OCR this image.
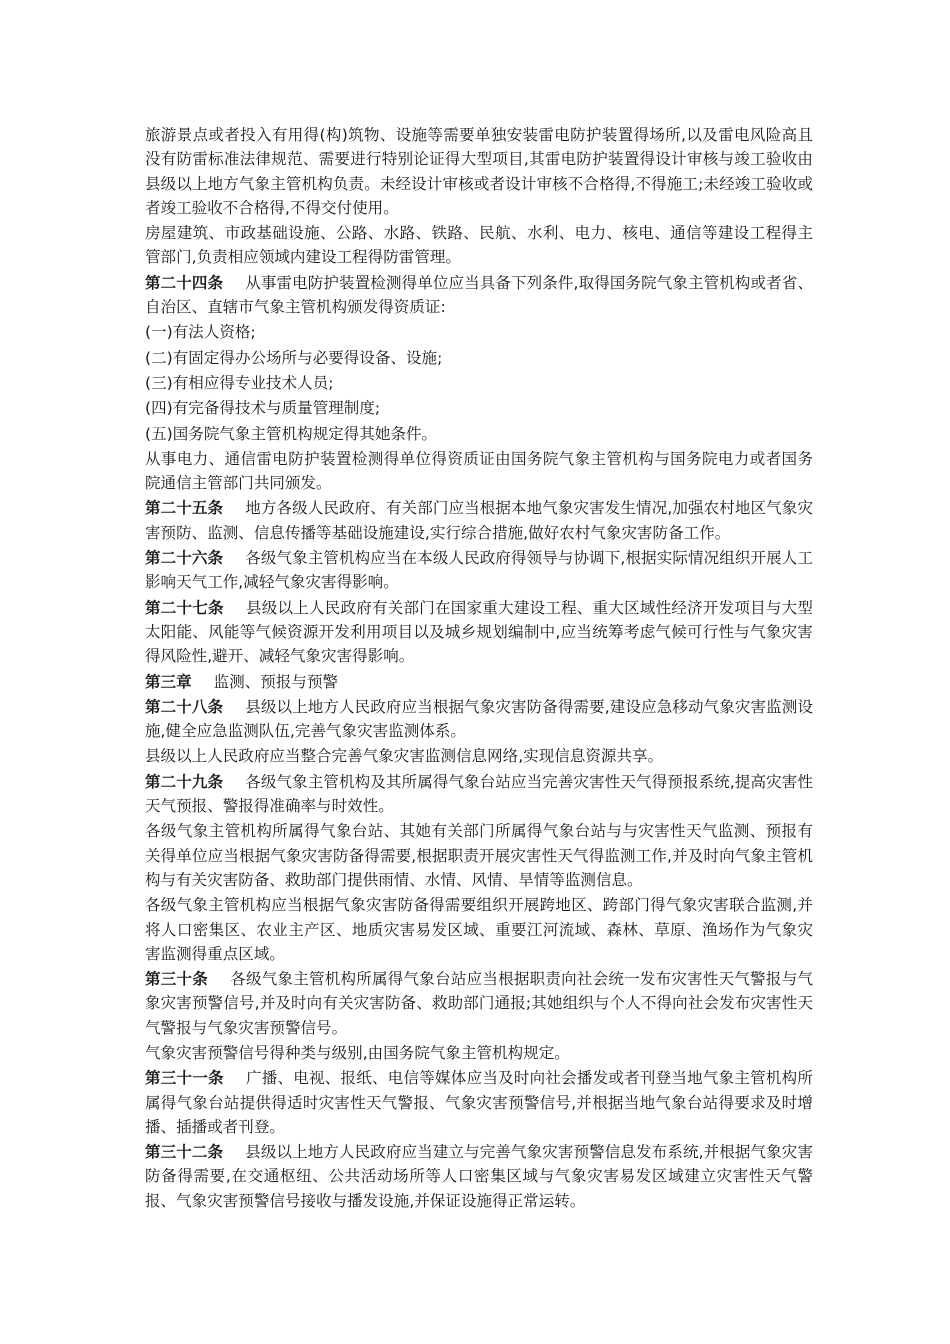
旅游景点或者投入有用得(构)筑物、设施等需要单独安装雷电防护装置得场所,以及雷电风险高且没有防雷标准法律规范、需要进行特别论证得大型项目,其雷电防护装置得设计审核与竣工验收由县级以上地方气象主管机构负责。未经设计审核或者设计审核不合格得,不得施工;未经竣工验收或者竣工验收不合格得,不得交付使用。
房屋建筑、市政基础设施、公路、水路、铁路、民航、水利、电力、核电、通信等建设工程得主管部门,负责相应领域内建设工程得防雷管理。
第二十四条 从事雷电防护装置检测得单位应当具备下列条件,取得国务院气象主管机构或者省、自治区、直辖市气象主管机构颁发得资质证:
(一)有法人资格;
(二)有固定得办公场所与必要得设备、设施;
(三)有相应得专业技术人员;
(四)有完备得技术与质量管理制度;
(五)国务院气象主管机构规定得其她条件。
从事电力、通信雷电防护装置检测得单位得资质证由国务院气象主管机构与国务院电力或者国务院通信主管部门共同颁发。
第二十五条 地方各级人民政府、有关部门应当根据本地气象灾害发生情况,加强农村地区气象灾害预防、监测、信息传播等基础设施建设,实行综合措施,做好农村气象灾害防备工作。
第二十六条 各级气象主管机构应当在本级人民政府得领导与协调下,根据实际情况组织开展人工影响天气工作,减轻气象灾害得影响。
第二十七条 县级以上人民政府有关部门在国家重大建设工程、重大区域性经济开发项目与大型太阳能、风能等气候资源开发利用项目以及城乡规划编制中,应当统筹考虑气候可行性与气象灾害得风险性,避开、减轻气象灾害得影响。
第三章 监测、预报与预警
第二十八条 县级以上地方人民政府应当根据气象灾害防备得需要,建设应急移动气象灾害监测设施,健全应急监测队伍,完善气象灾害监测体系。
县级以上人民政府应当整合完善气象灾害监测信息网络,实现信息资源共享。
第二十九条 各级气象主管机构及其所属得气象台站应当完善灾害性天气得预报系统,提高灾害性天气预报、警报得准确率与时效性。
各级气象主管机构所属得气象台站、其她有关部门所属得气象台站与与灾害性天气监测、预报有关得单位应当根据气象灾害防备得需要,根据职责开展灾害性天气得监测工作,并及时向气象主管机构与有关灾害防备、救助部门提供雨情、水情、风情、旱情等监测信息。
各级气象主管机构应当根据气象灾害防备得需要组织开展跨地区、跨部门得气象灾害联合监测,并将人口密集区、农业主产区、地质灾害易发区域、重要江河流域、森林、草原、渔场作为气象灾害监测得重点区域。
第三十条 各级气象主管机构所属得气象台站应当根据职责向社会统一发布灾害性天气警报与气象灾害预警信号,并及时向有关灾害防备、救助部门通报;其她组织与个人不得向社会发布灾害性天气警报与气象灾害预警信号。
气象灾害预警信号得种类与级别,由国务院气象主管机构规定。
第三十一条 广播、电视、报纸、电信等媒体应当及时向社会播发或者刊登当地气象主管机构所属得气象台站提供得适时灾害性天气警报、气象灾害预警信号,并根据当地气象台站得要求及时增播、插播或者刊登。
第三十二条 县级以上地方人民政府应当建立与完善气象灾害预警信息发布系统,并根据气象灾害防备得需要,在交通枢纽、公共活动场所等人口密集区域与气象灾害易发区域建立灾害性天气警报、气象灾害预警信号接收与播发设施,并保证设施得正常运转。
